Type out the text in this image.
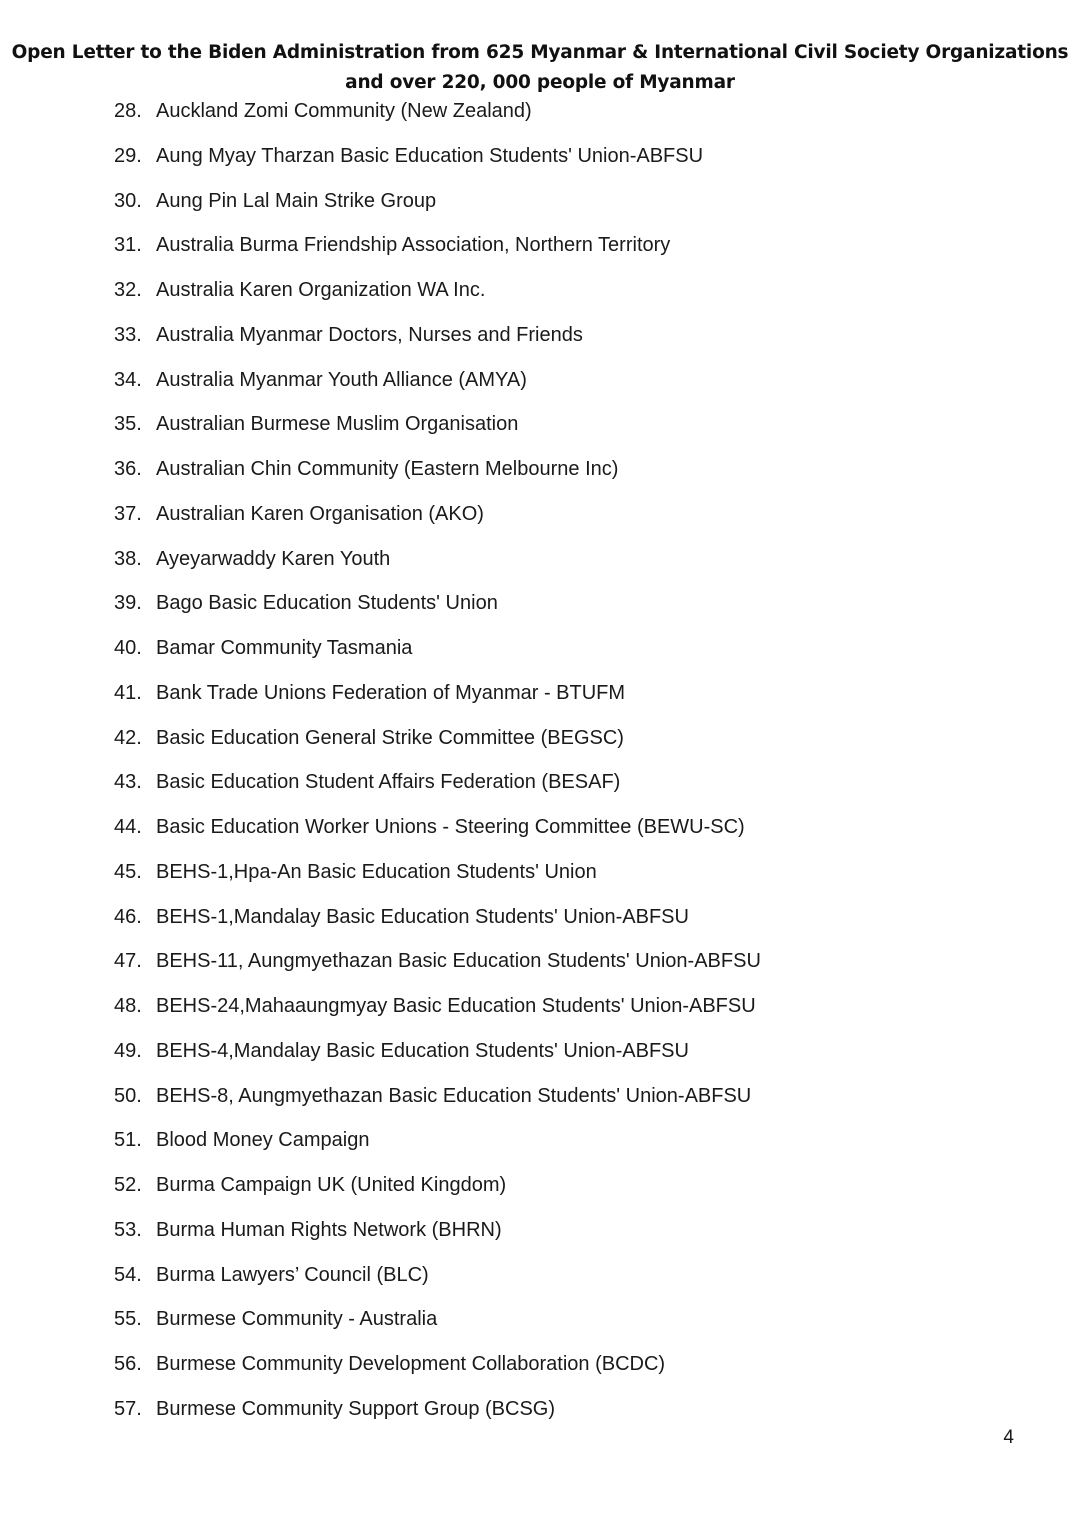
Open Letter to the Biden Administration from 625 Myanmar & International Civil Society Organizations
and over 220, 000 people of Myanmar
28. Auckland Zomi Community (New Zealand)
29. Aung Myay Tharzan Basic Education Students' Union-ABFSU
30. Aung Pin Lal Main Strike Group
31. Australia Burma Friendship Association, Northern Territory
32. Australia Karen Organization WA Inc.
33. Australia Myanmar Doctors, Nurses and Friends
34. Australia Myanmar Youth Alliance (AMYA)
35. Australian Burmese Muslim Organisation
36. Australian Chin Community (Eastern Melbourne Inc)
37. Australian Karen Organisation (AKO)
38. Ayeyarwaddy Karen Youth
39. Bago Basic Education Students' Union
40. Bamar Community Tasmania
41. Bank Trade Unions Federation of Myanmar - BTUFM
42. Basic Education General Strike Committee (BEGSC)
43. Basic Education Student Affairs Federation (BESAF)
44. Basic Education Worker Unions - Steering Committee (BEWU-SC)
45. BEHS-1,Hpa-An Basic Education Students' Union
46. BEHS-1,Mandalay Basic Education Students' Union-ABFSU
47. BEHS-11, Aungmyethazan Basic Education Students' Union-ABFSU
48. BEHS-24,Mahaaungmyay Basic Education Students' Union-ABFSU
49. BEHS-4,Mandalay Basic Education Students' Union-ABFSU
50. BEHS-8, Aungmyethazan Basic Education Students' Union-ABFSU
51. Blood Money Campaign
52. Burma Campaign UK (United Kingdom)
53. Burma Human Rights Network (BHRN)
54. Burma Lawyers’ Council (BLC)
55. Burmese Community - Australia
56. Burmese Community Development Collaboration (BCDC)
57. Burmese Community Support Group (BCSG)
4
